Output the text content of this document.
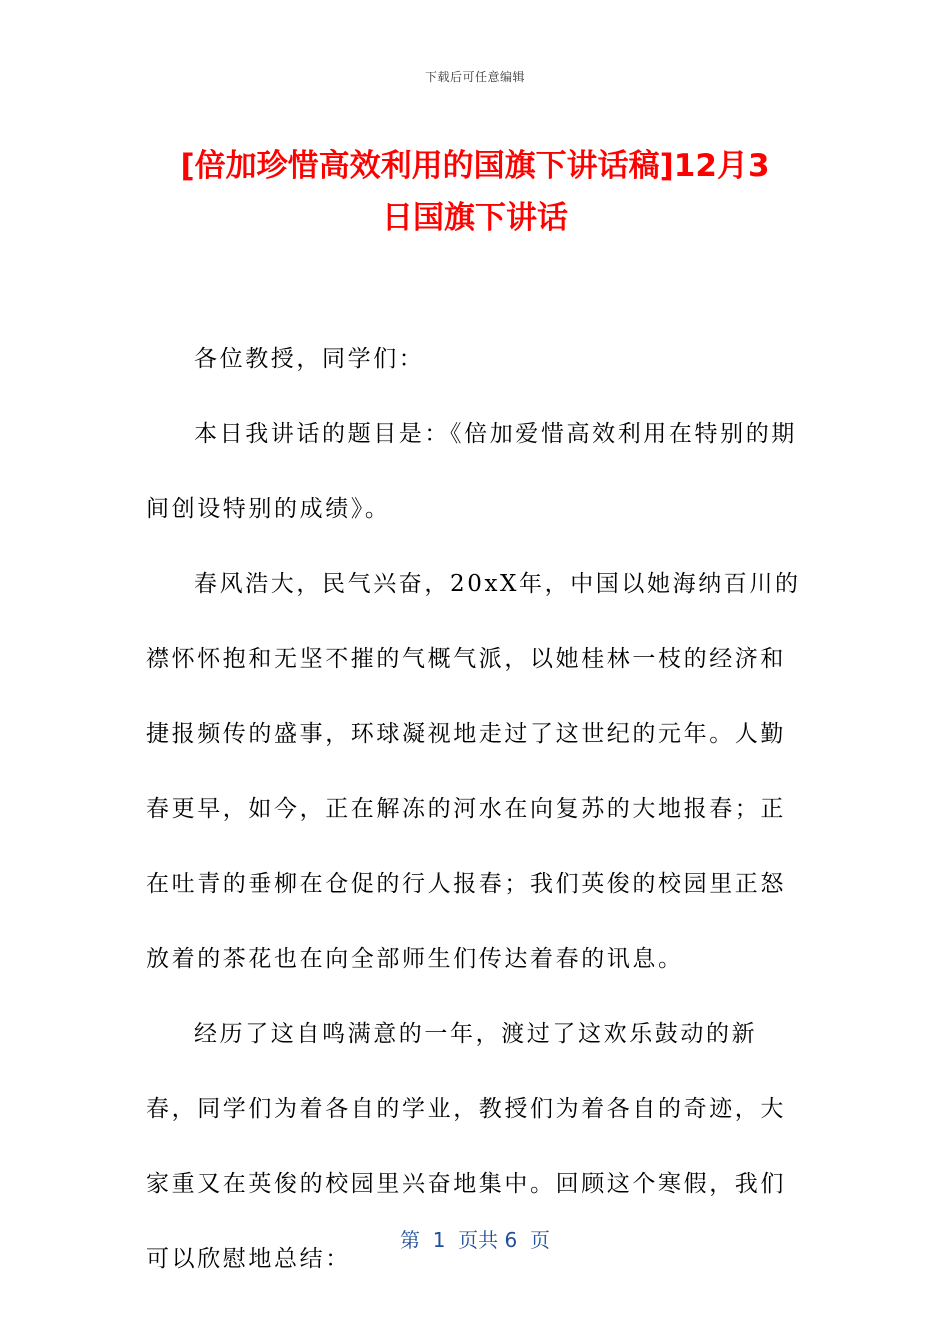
下载后可任意编辑
[倍加珍惜高效利用的国旗下讲话稿]12月3
日国旗下讲话

各位教授，同学们：

本日我讲话的题目是：《倍加爱惜高效利用在特别的期间创设特别的成绩》。

春风浩大，民气兴奋，20xX年，中国以她海纳百川的襟怀怀抱和无坚不摧的气概气派，以她桂林一枝的经济和捷报频传的盛事，环球凝视地走过了这世纪的元年。人勤春更早，如今，正在解冻的河水在向复苏的大地报春；正在吐青的垂柳在仓促的行人报春；我们英俊的校园里正怒放着的茶花也在向全部师生们传达着春的讯息。

经历了这自鸣满意的一年，渡过了这欢乐鼓动的新春，同学们为着各自的学业，教授们为着各自的奇迹，大家重又在英俊的校园里兴奋地集中。回顾这个寒假，我们可以欣慰地总结：

第  1  页共 6  页
